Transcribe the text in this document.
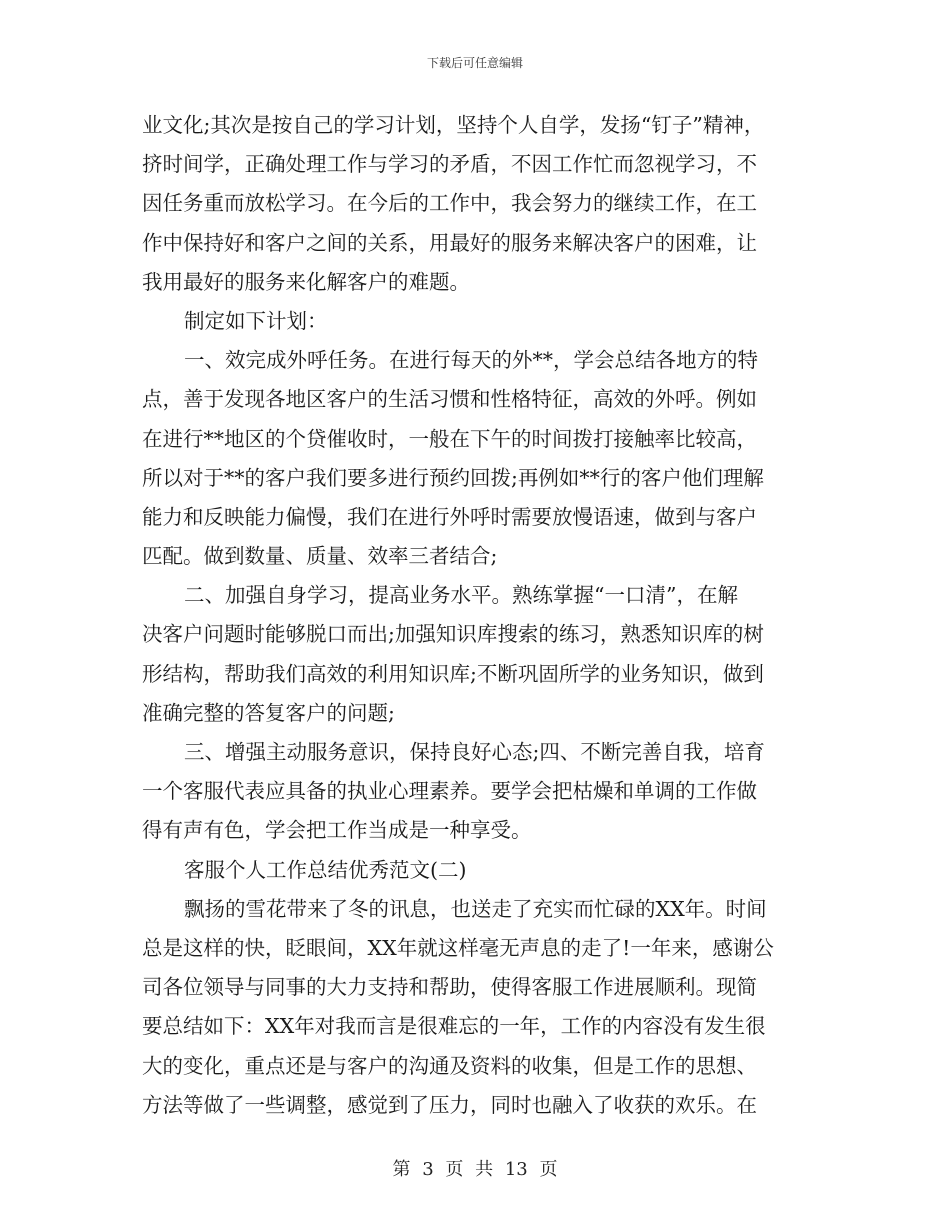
下载后可任意编辑
业文化;其次是按自己的学习计划，坚持个人自学，发扬“钉子”精神，
挤时间学，正确处理工作与学习的矛盾，不因工作忙而忽视学习，不
因任务重而放松学习。在今后的工作中，我会努力的继续工作，在工
作中保持好和客户之间的关系，用最好的服务来解决客户的困难，让
我用最好的服务来化解客户的难题。
制定如下计划：
一、效完成外呼任务。在进行每天的外**，学会总结各地方的特
点，善于发现各地区客户的生活习惯和性格特征，高效的外呼。例如
在进行**地区的个贷催收时，一般在下午的时间拨打接触率比较高，
所以对于**的客户我们要多进行预约回拨;再例如**行的客户他们理解
能力和反映能力偏慢，我们在进行外呼时需要放慢语速，做到与客户
匹配。做到数量、质量、效率三者结合;
二、加强自身学习，提高业务水平。熟练掌握“一口清”，在解
决客户问题时能够脱口而出;加强知识库搜索的练习，熟悉知识库的树
形结构，帮助我们高效的利用知识库;不断巩固所学的业务知识，做到
准确完整的答复客户的问题;
三、增强主动服务意识，保持良好心态;四、不断完善自我，培育
一个客服代表应具备的执业心理素养。要学会把枯燥和单调的工作做
得有声有色，学会把工作当成是一种享受。
客服个人工作总结优秀范文(二)
飘扬的雪花带来了冬的讯息，也送走了充实而忙碌的XX年。时间
总是这样的快，眨眼间，XX年就这样毫无声息的走了!一年来，感谢公
司各位领导与同事的大力支持和帮助，使得客服工作进展顺利。现简
要总结如下：XX年对我而言是很难忘的一年，工作的内容没有发生很
大的变化，重点还是与客户的沟通及资料的收集，但是工作的思想、
方法等做了一些调整，感觉到了压力，同时也融入了收获的欢乐。在
第 3 页 共 13 页
